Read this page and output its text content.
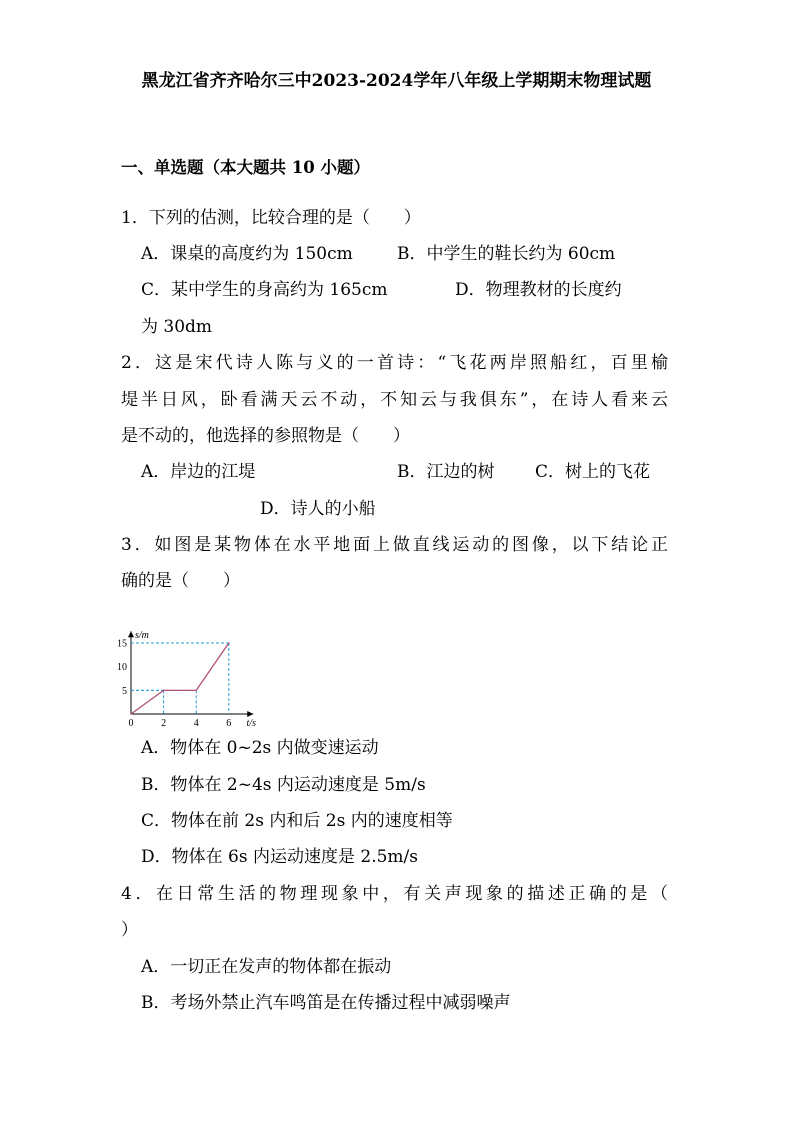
黑龙江省齐齐哈尔三中2023-2024学年八年级上学期期末物理试题
一、单选题（本大题共 10 小题）
1．下列的估测，比较合理的是（　　）
A．课桌的高度约为 150cm	B．中学生的鞋长约为 60cm
C．某中学生的身高约为 165cm	D．物理教材的长度约
为 30dm
2．这是宋代诗人陈与义的一首诗：“飞花两岸照船红，百里榆
堤半日风，卧看满天云不动，不知云与我俱东”，在诗人看来云
是不动的，他选择的参照物是（　　）
A．岸边的江堤	B．江边的树 C．树上的飞花
D．诗人的小船
3．如图是某物体在水平地面上做直线运动的图像，以下结论正
确的是（　　）
0	2	4	6
5
10
15
t/s
s/m
A．物体在 0~2s 内做变速运动
B．物体在 2~4s 内运动速度是 5m/s
C．物体在前 2s 内和后 2s 内的速度相等
D．物体在 6s 内运动速度是 2.5m/s
4．在日常生活的物理现象中，有关声现象的描述正确的是（
）
A．一切正在发声的物体都在振动
B．考场外禁止汽车鸣笛是在传播过程中减弱噪声
